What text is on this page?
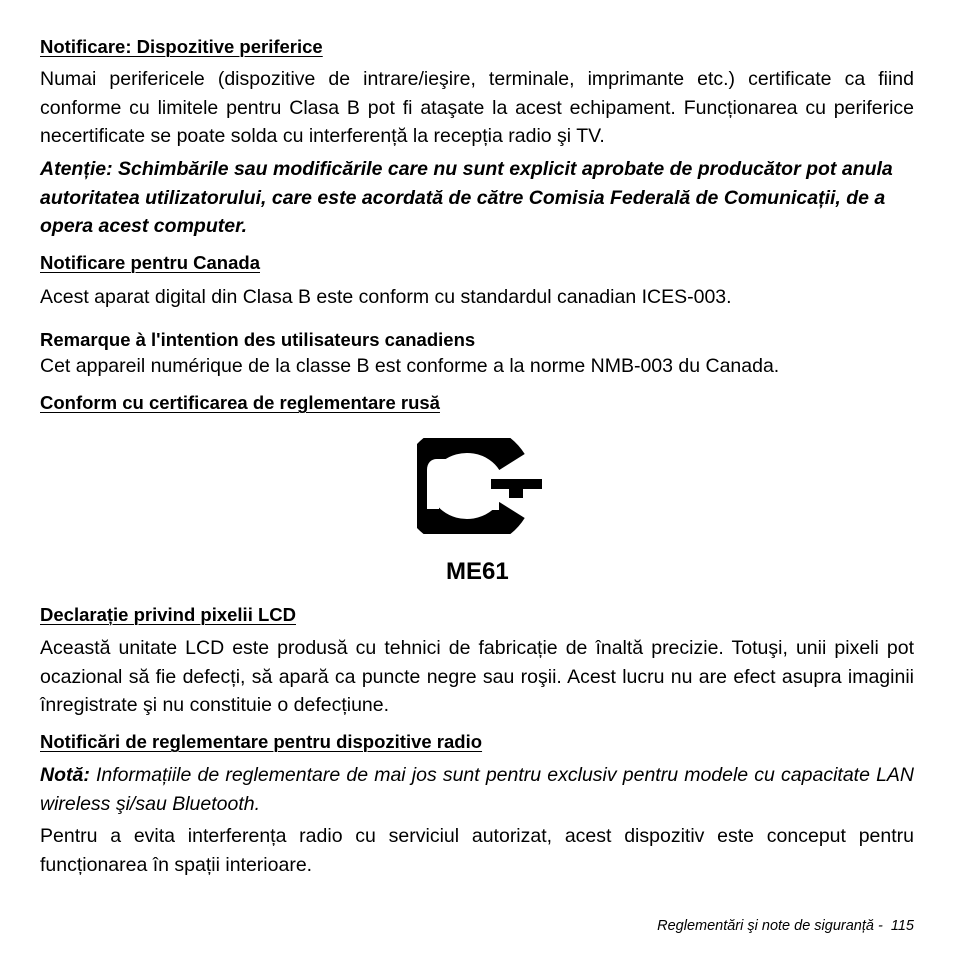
Notificare: Dispozitive periferice
Numai perifericele (dispozitive de intrare/ieşire, terminale, imprimante etc.) certificate ca fiind conforme cu limitele pentru Clasa B pot fi ataşate la acest echipament. Funcționarea cu periferice necertificate se poate solda cu interferență la recepția radio şi TV.
Atenție: Schimbările sau modificările care nu sunt explicit aprobate de producător pot anula autoritatea utilizatorului, care este acordată de către Comisia Federală de Comunicații, de a opera acest computer.
Notificare pentru Canada
Acest aparat digital din Clasa B este conform cu standardul canadian ICES-003.
Remarque à l'intention des utilisateurs canadiens
Cet appareil numérique de la classe B est conforme a la norme NMB-003 du Canada.
Conform cu certificarea de reglementare rusă
ME61
Declarație privind pixelii LCD
Această unitate LCD este produsă cu tehnici de fabricație de înaltă precizie. Totuşi, unii pixeli pot ocazional să fie defecți, să apară ca puncte negre sau roşii. Acest lucru nu are efect asupra imaginii înregistrate şi nu constituie o defecțiune.
Notificări de reglementare pentru dispozitive radio
Notă: Informațiile de reglementare de mai jos sunt pentru exclusiv pentru modele cu capacitate LAN wireless şi/sau Bluetooth.
Pentru a evita interferența radio cu serviciul autorizat, acest dispozitiv este conceput pentru funcționarea în spații interioare.
Reglementări şi note de siguranță - 115
